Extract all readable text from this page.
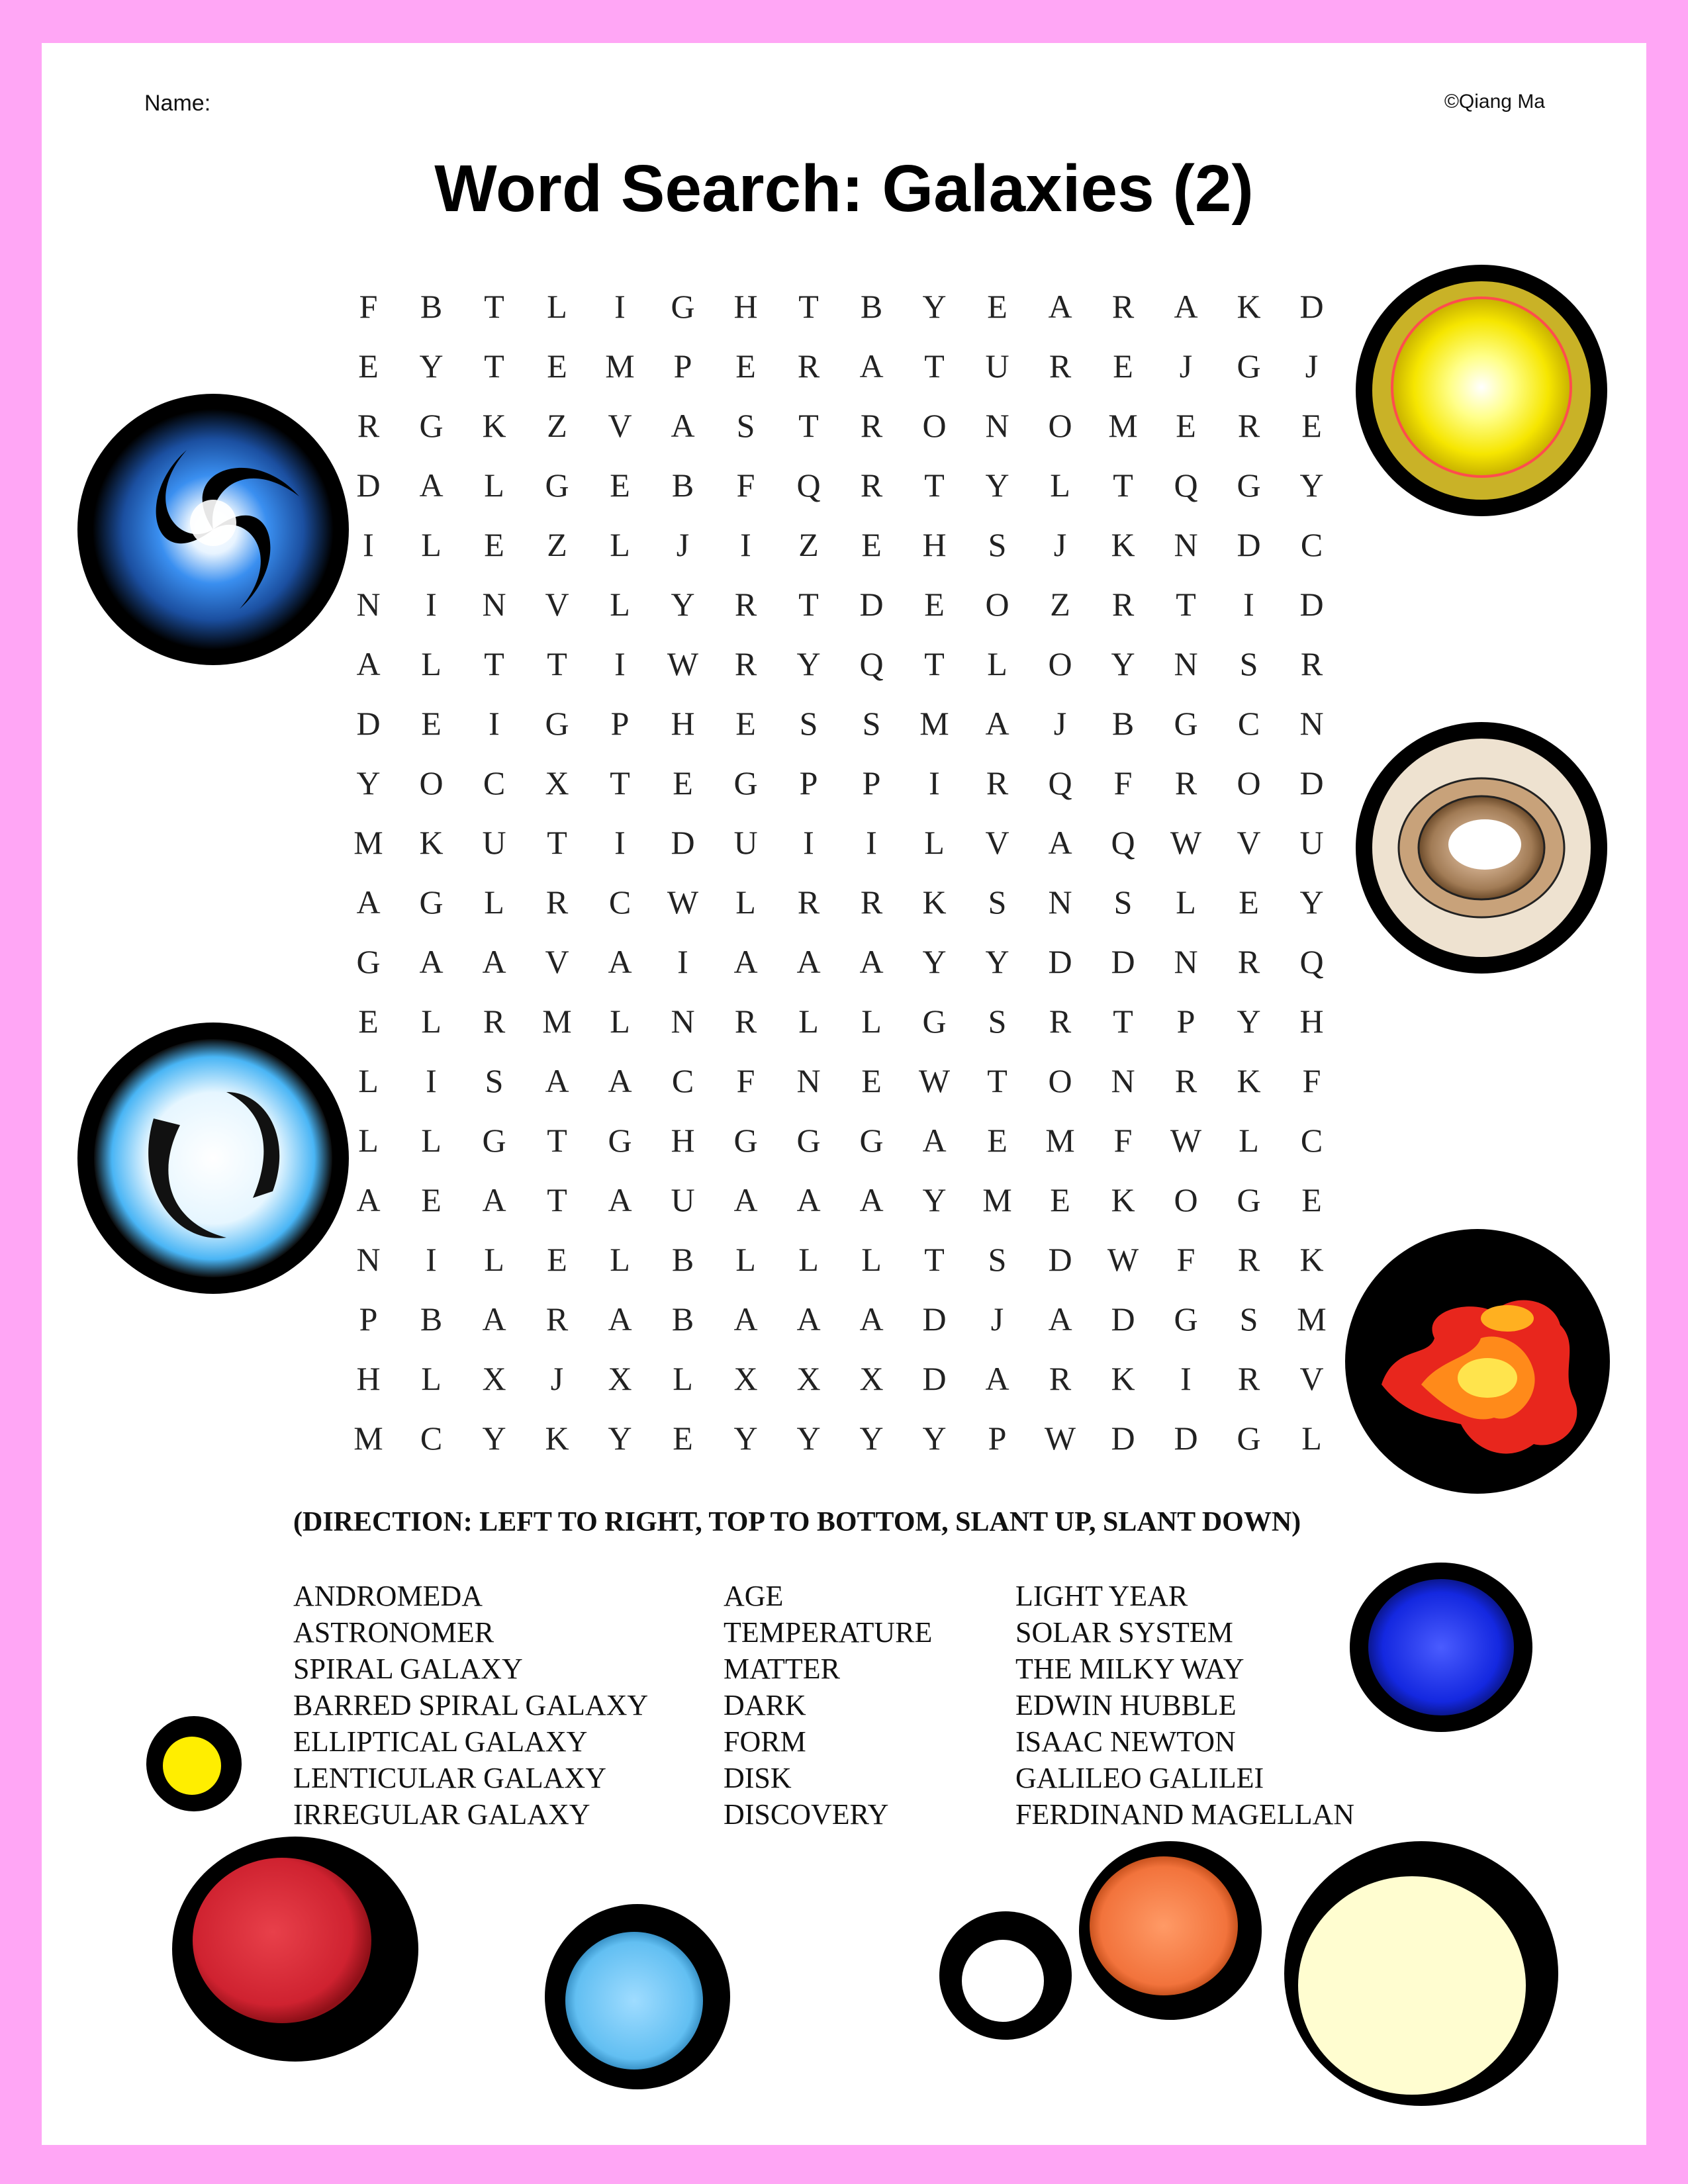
Name:	©Qiang Ma
Word Search: Galaxies (2)
F	B	T	L	I	G	H	T	B	Y	E	A	R	A	K	D
E	Y	T	E	M	P	E	R	A	T	U	R	E	J	G	J
R	G	K	Z	V	A	S	T	R	O	N	O	M	E	R	E
D	A	L	G	E	B	F	Q	R	T	Y	L	T	Q	G	Y
I	L	E	Z	L	J	I	Z	E	H	S	J	K	N	D	C
N	I	N	V	L	Y	R	T	D	E	O	Z	R	T	I	D
A	L	T	T	I	W	R	Y	Q	T	L	O	Y	N	S	R
D	E	I	G	P	H	E	S	S	M	A	J	B	G	C	N
Y	O	C	X	T	E	G	P	P	I	R	Q	F	R	O	D
M	K	U	T	I	D	U	I	I	L	V	A	Q	W	V	U
A	G	L	R	C	W	L	R	R	K	S	N	S	L	E	Y
G	A	A	V	A	I	A	A	A	Y	Y	D	D	N	R	Q
E	L	R	M	L	N	R	L	L	G	S	R	T	P	Y	H
L	I	S	A	A	C	F	N	E	W	T	O	N	R	K	F
L	L	G	T	G	H	G	G	G	A	E	M	F	W	L	C
A	E	A	T	A	U	A	A	A	Y	M	E	K	O	G	E
N	I	L	E	L	B	L	L	L	T	S	D	W	F	R	K
P	B	A	R	A	B	A	A	A	D	J	A	D	G	S	M
H	L	X	J	X	L	X	X	X	D	A	R	K	I	R	V
M	C	Y	K	Y	E	Y	Y	Y	Y	P	W	D	D	G	L
(DIRECTION: LEFT TO RIGHT, TOP TO BOTTOM, SLANT UP, SLANT DOWN)
ANDROMEDA
ASTRONOMER
SPIRAL GALAXY
BARRED SPIRAL GALAXY
ELLIPTICAL GALAXY
LENTICULAR GALAXY
IRREGULAR GALAXY
AGE
TEMPERATURE
MATTER
DARK
FORM
DISK
DISCOVERY
LIGHT YEAR
SOLAR SYSTEM
THE MILKY WAY
EDWIN HUBBLE
ISAAC NEWTON
GALILEO GALILEI
FERDINAND MAGELLAN
